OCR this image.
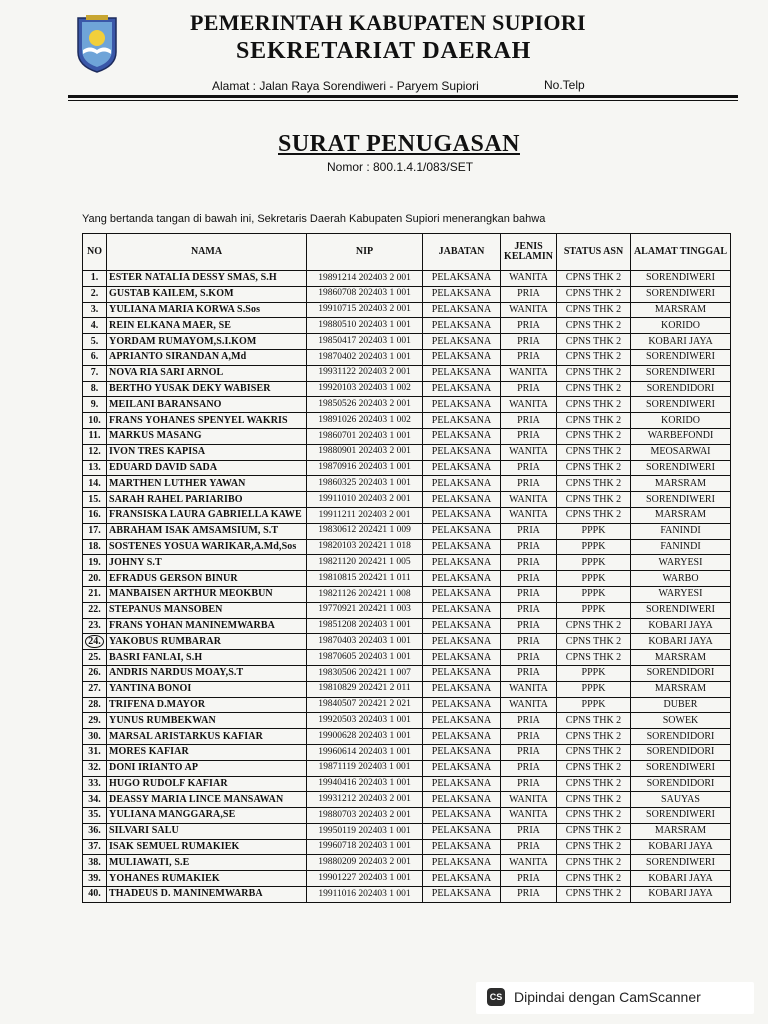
PEMERINTAH KABUPATEN SUPIORI
SEKRETARIAT DAERAH
Alamat : Jalan Raya Sorendiweri - Paryem Supiori	No.Telp
SURAT PENUGASAN
Nomor : 800.1.4.1/083/SET
Yang bertanda tangan di bawah ini, Sekretaris Daerah Kabupaten Supiori menerangkan bahwa
NO	NAMA	NIP	JABATAN	JENIS KELAMIN	STATUS ASN	ALAMAT TINGGAL
1.	ESTER NATALIA DESSY SMAS, S.H	19891214 202403 2 001	PELAKSANA	WANITA	CPNS THK 2	SORENDIWERI
2.	GUSTAB KAILEM, S.KOM	19860708 202403 1 001	PELAKSANA	PRIA	CPNS THK 2	SORENDIWERI
3.	YULIANA MARIA KORWA S.Sos	19910715 202403 2 001	PELAKSANA	WANITA	CPNS THK 2	MARSRAM
4.	REIN ELKANA MAER, SE	19880510 202403 1 001	PELAKSANA	PRIA	CPNS THK 2	KORIDO
5.	YORDAM RUMAYOM,S.I.KOM	19850417 202403 1 001	PELAKSANA	PRIA	CPNS THK 2	KOBARI JAYA
6.	APRIANTO SIRANDAN A,Md	19870402 202403 1 001	PELAKSANA	PRIA	CPNS THK 2	SORENDIWERI
7.	NOVA RIA SARI ARNOL	19931122 202403 2 001	PELAKSANA	WANITA	CPNS THK 2	SORENDIWERI
8.	BERTHO YUSAK DEKY WABISER	19920103 202403 1 002	PELAKSANA	PRIA	CPNS THK 2	SORENDIDORI
9.	MEILANI BARANSANO	19850526 202403 2 001	PELAKSANA	WANITA	CPNS THK 2	SORENDIWERI
10.	FRANS YOHANES SPENYEL WAKRIS	19891026 202403 1 002	PELAKSANA	PRIA	CPNS THK 2	KORIDO
11.	MARKUS MASANG	19860701 202403 1 001	PELAKSANA	PRIA	CPNS THK 2	WARBEFONDI
12.	IVON TRES KAPISA	19880901 202403 2 001	PELAKSANA	WANITA	CPNS THK 2	MEOSARWAI
13.	EDUARD DAVID SADA	19870916 202403 1 001	PELAKSANA	PRIA	CPNS THK 2	SORENDIWERI
14.	MARTHEN LUTHER YAWAN	19860325 202403 1 001	PELAKSANA	PRIA	CPNS THK 2	MARSRAM
15.	SARAH RAHEL PARIARIBO	19911010 202403 2 001	PELAKSANA	WANITA	CPNS THK 2	SORENDIWERI
16.	FRANSISKA LAURA GABRIELLA KAWE	19911211 202403 2 001	PELAKSANA	WANITA	CPNS THK 2	MARSRAM
17.	ABRAHAM ISAK AMSAMSIUM, S.T	19830612 202421 1 009	PELAKSANA	PRIA	PPPK	FANINDI
18.	SOSTENES YOSUA WARIKAR,A.Md,Sos	19820103 202421 1 018	PELAKSANA	PRIA	PPPK	FANINDI
19.	JOHNY S.T	19821120 202421 1 005	PELAKSANA	PRIA	PPPK	WARYESI
20.	EFRADUS GERSON BINUR	19810815 202421 1 011	PELAKSANA	PRIA	PPPK	WARBO
21.	MANBAISEN ARTHUR MEOKBUN	19821126 202421 1 008	PELAKSANA	PRIA	PPPK	WARYESI
22.	STEPANUS MANSOBEN	19770921 202421 1 003	PELAKSANA	PRIA	PPPK	SORENDIWERI
23.	FRANS YOHAN MANINEMWARBA	19851208 202403 1 001	PELAKSANA	PRIA	CPNS THK 2	KOBARI JAYA
24.	YAKOBUS RUMBARAR	19870403 202403 1 001	PELAKSANA	PRIA	CPNS THK 2	KOBARI JAYA
25.	BASRI FANLAI, S.H	19870605 202403 1 001	PELAKSANA	PRIA	CPNS THK 2	MARSRAM
26.	ANDRIS NARDUS MOAY,S.T	19830506 202421 1 007	PELAKSANA	PRIA	PPPK	SORENDIDORI
27.	YANTINA BONOI	19810829 202421 2 011	PELAKSANA	WANITA	PPPK	MARSRAM
28.	TRIFENA D.MAYOR	19840507 202421 2 021	PELAKSANA	WANITA	PPPK	DUBER
29.	YUNUS RUMBEKWAN	19920503 202403 1 001	PELAKSANA	PRIA	CPNS THK 2	SOWEK
30.	MARSAL ARISTARKUS KAFIAR	19900628 202403 1 001	PELAKSANA	PRIA	CPNS THK 2	SORENDIDORI
31.	MORES KAFIAR	19960614 202403 1 001	PELAKSANA	PRIA	CPNS THK 2	SORENDIDORI
32.	DONI IRIANTO AP	19871119 202403 1 001	PELAKSANA	PRIA	CPNS THK 2	SORENDIWERI
33.	HUGO RUDOLF KAFIAR	19940416 202403 1 001	PELAKSANA	PRIA	CPNS THK 2	SORENDIDORI
34.	DEASSY MARIA LINCE MANSAWAN	19931212 202403 2 001	PELAKSANA	WANITA	CPNS THK 2	SAUYAS
35.	YULIANA MANGGARA,SE	19880703 202403 2 001	PELAKSANA	WANITA	CPNS THK 2	SORENDIWERI
36.	SILVARI SALU	19950119 202403 1 001	PELAKSANA	PRIA	CPNS THK 2	MARSRAM
37.	ISAK SEMUEL RUMAKIEK	19960718 202403 1 001	PELAKSANA	PRIA	CPNS THK 2	KOBARI JAYA
38.	MULIAWATI, S.E	19880209 202403 2 001	PELAKSANA	WANITA	CPNS THK 2	SORENDIWERI
39.	YOHANES RUMAKIEK	19901227 202403 1 001	PELAKSANA	PRIA	CPNS THK 2	KOBARI JAYA
40.	THADEUS D. MANINEMWARBA	19911016 202403 1 001	PELAKSANA	PRIA	CPNS THK 2	KOBARI JAYA
CS Dipindai dengan CamScanner
